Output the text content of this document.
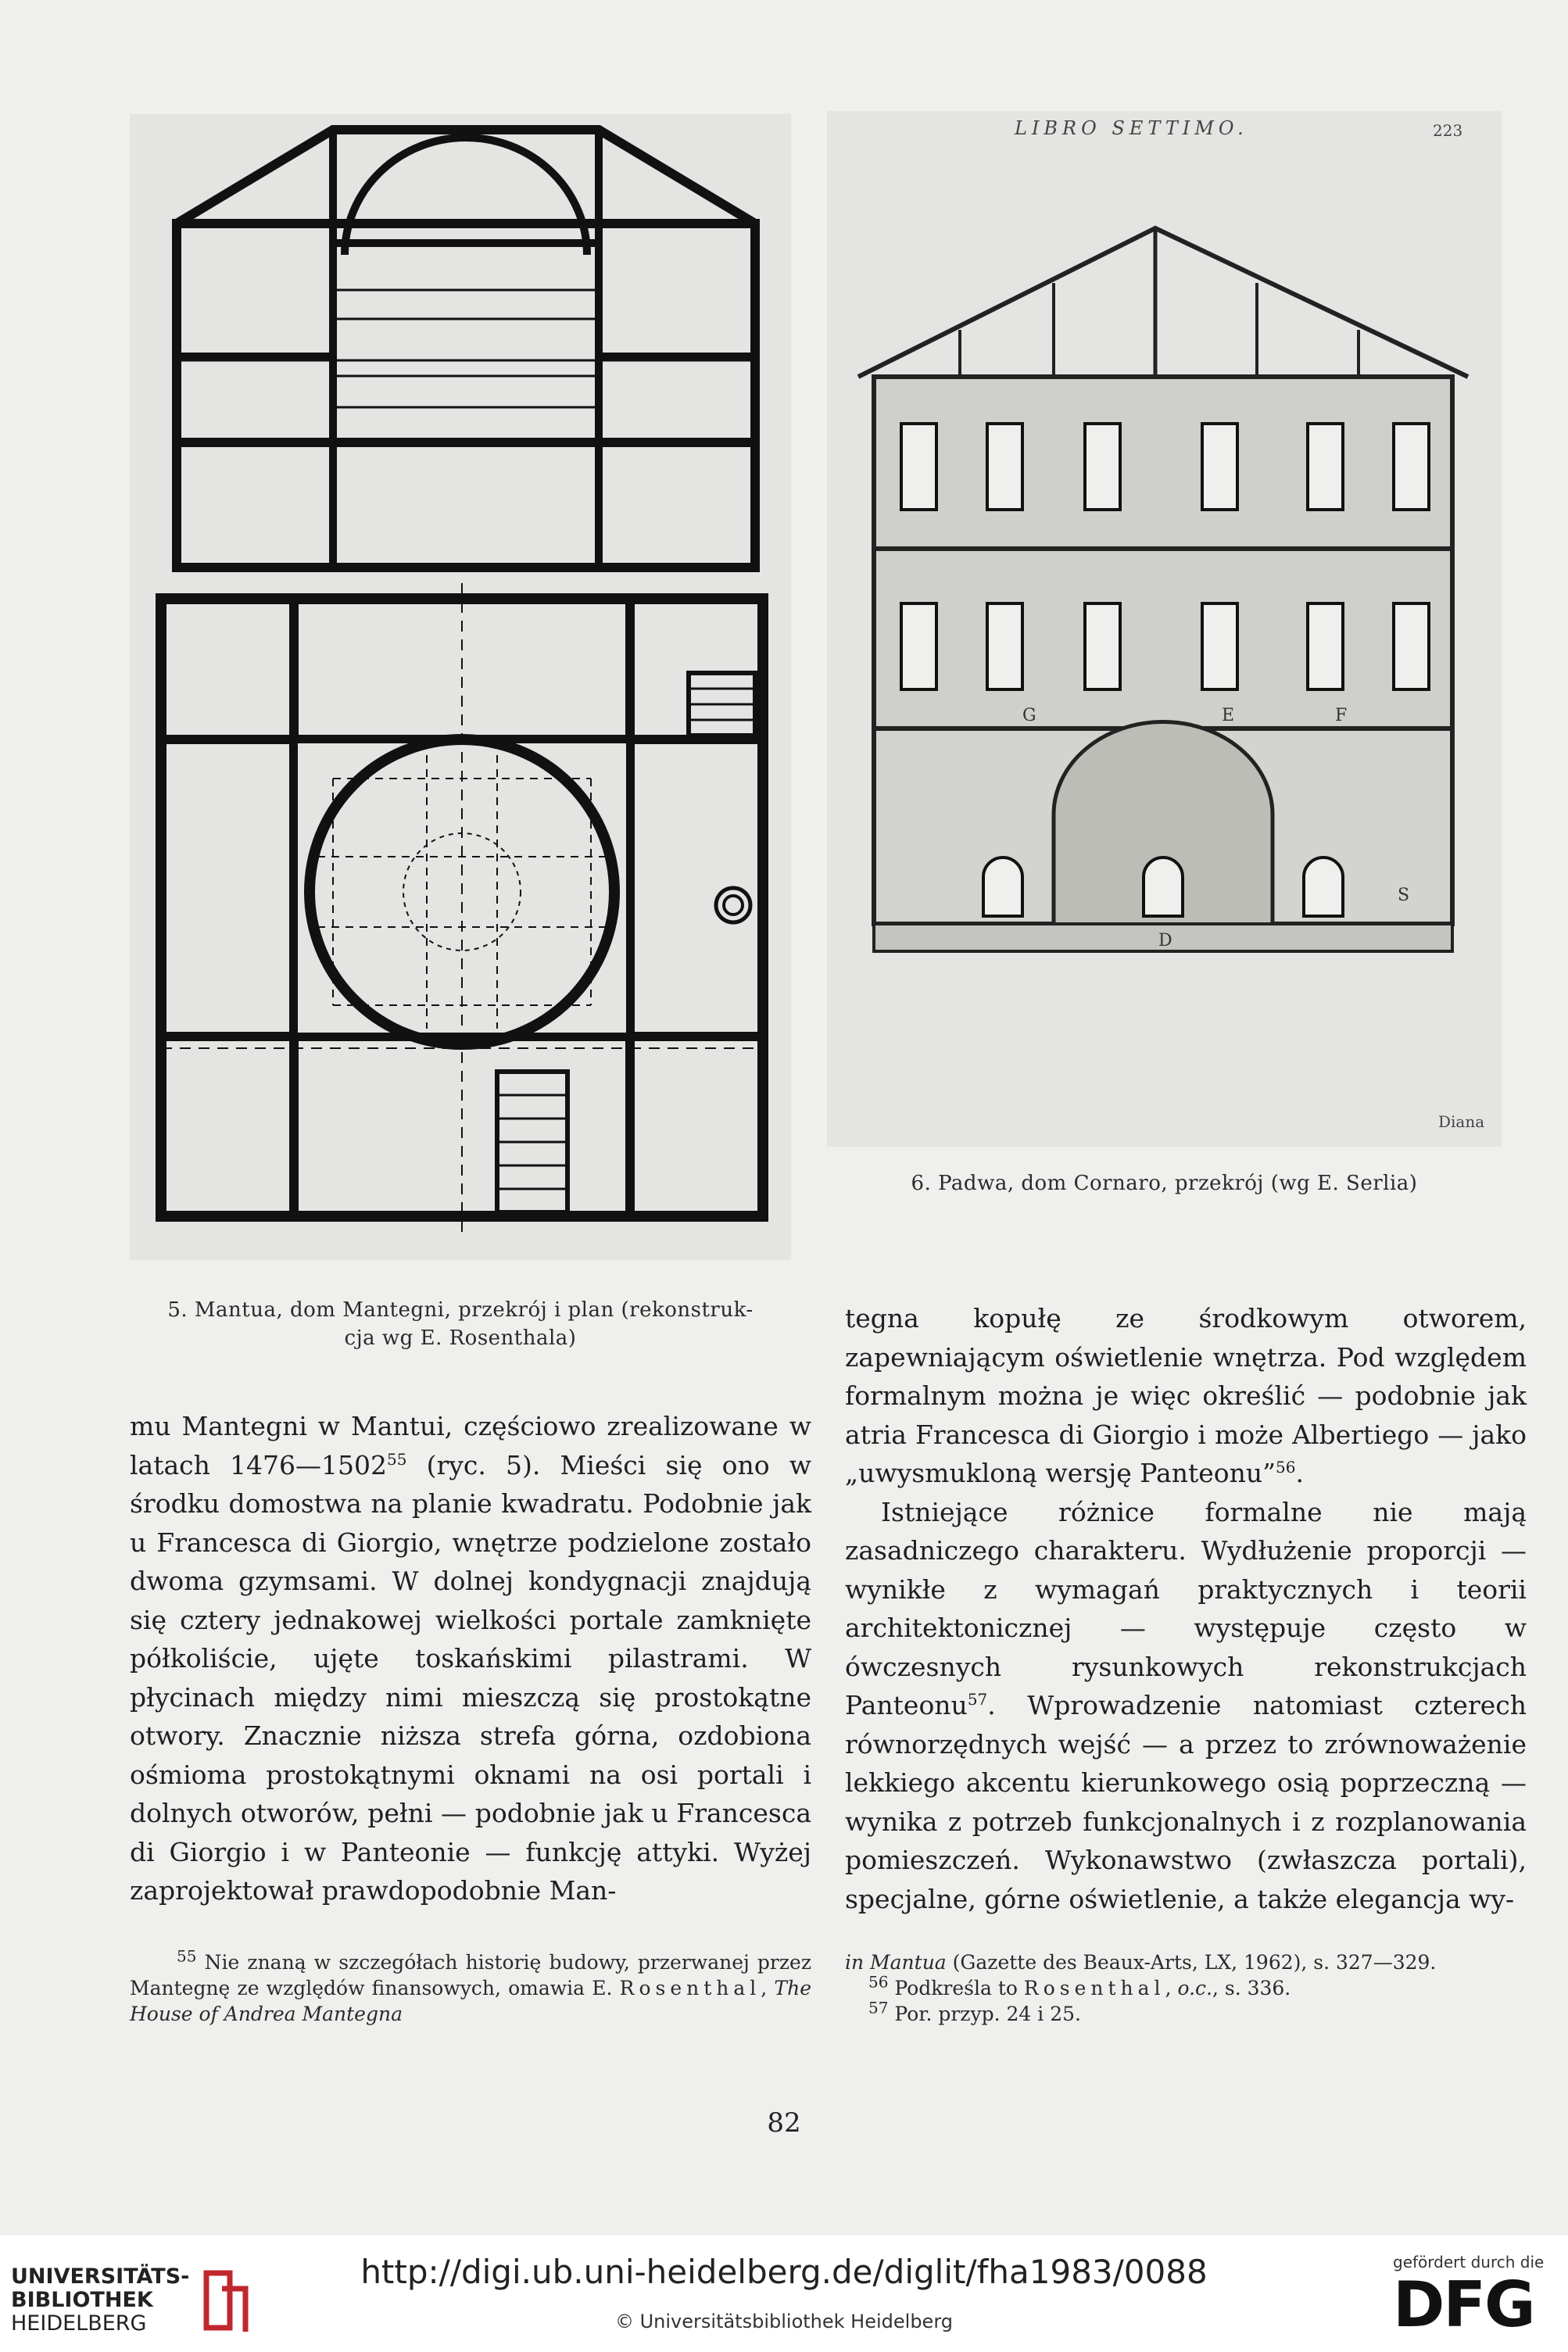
5. Mantua, dom Mantegni, przekrój i plan (rekonstruk-
cja wg E. Rosenthala)
LIBRO SETTIMO.	223
G	E	F
D
S
Diana
6. Padwa, dom Cornaro, przekrój (wg E. Serlia)

mu Mantegni w Mantui, częściowo zrealizowane w latach 1476—1502$^{55}$ (ryc. 5). Mieści się ono w środku domostwa na planie kwadratu. Podobnie jak u Francesca di Giorgio, wnętrze podzielone zostało dwoma gzymsami. W dolnej kondygnacji znajdują się cztery jednakowej wielkości portale zamknięte półkoliście, ujęte toskańskimi pilastrami. W płycinach między nimi mieszczą się prostokątne otwory. Znacznie niższa strefa górna, ozdobiona ośmioma prostokątnymi oknami na osi portali i dolnych otworów, pełni — podobnie jak u Francesca di Giorgio i w Panteonie — funkcję attyki. Wyżej zaprojektował prawdopodobnie Man-

tegna kopułę ze środkowym otworem, zapewniającym oświetlenie wnętrza. Pod względem formalnym można je więc określić — podobnie jak atria Francesca di Giorgio i może Albertiego — jako „uwysmukloną wersję Panteonu”$^{56}$.

Istniejące różnice formalne nie mają zasadniczego charakteru. Wydłużenie proporcji — wynikłe z wymagań praktycznych i teorii architektonicznej — występuje często w ówczesnych rysunkowych rekonstrukcjach Panteonu$^{57}$. Wprowadzenie natomiast czterech równorzędnych wejść — a przez to zrównoważenie lekkiego akcentu kierunkowego osią poprzeczną — wynika z potrzeb funkcjonalnych i z rozplanowania pomieszczeń. Wykonawstwo (zwłaszcza portali), specjalne, górne oświetlenie, a także elegancja wy-

$^{55}$ Nie znaną w szczegółach historię budowy, przerwanej przez Mantegnę ze względów finansowych, omawia E. Rosenthal, The House of Andrea Mantegna

in Mantua (Gazette des Beaux-Arts, LX, 1962), s. 327—329.

$^{56}$ Podkreśla to Rosenthal, o.c., s. 336.

$^{57}$ Por. przyp. 24 i 25.

82
UNIVERSITÄTS-
BIBLIOTHEK
HEIDELBERG
http://digi.ub.uni-heidelberg.de/diglit/fha1983/0088
© Universitätsbibliothek Heidelberg
gefördert durch die
DFG
